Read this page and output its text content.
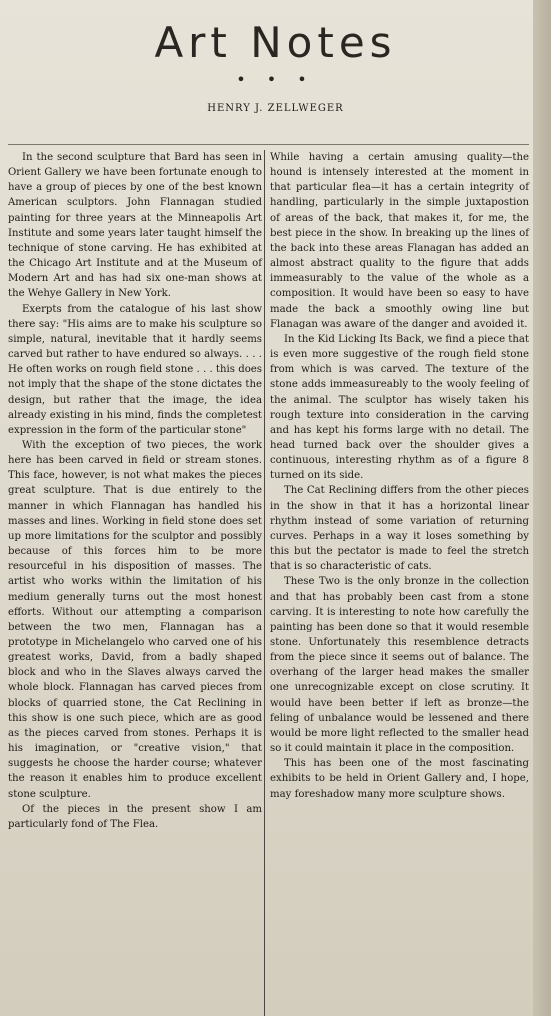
Art Notes
• • •
HENRY J. ZELLWEGER

In the second sculpture that Bard has seen in Orient Gallery we have been fortunate enough to have a group of pieces by one of the best known American sculptors. John Flannagan studied painting for three years at the Minneapolis Art Institute and some years later taught himself the technique of stone carving. He has exhibited at the Chicago Art Institute and at the Museum of Modern Art and has had six one-man shows at the Wehye Gallery in New York.

Exerpts from the catalogue of his last show there say: "His aims are to make his sculpture so simple, natural, inevitable that it hardly seems carved but rather to have endured so always. . . . He often works on rough field stone . . . this does not imply that the shape of the stone dictates the design, but rather that the image, the idea already existing in his mind, finds the completest expression in the form of the particular stone"

With the exception of two pieces, the work here has been carved in field or stream stones. This face, however, is not what makes the pieces great sculpture. That is due entirely to the manner in which Flannagan has handled his masses and lines. Working in field stone does set up more limitations for the sculptor and possibly because of this forces him to be more resourceful in his disposition of masses. The artist who works within the limitation of his medium generally turns out the most honest efforts. Without our attempting a comparison between the two men, Flannagan has a prototype in Michelangelo who carved one of his greatest works, David, from a badly shaped block and who in the Slaves always carved the whole block. Flannagan has carved pieces from blocks of quarried stone, the Cat Reclining in this show is one such piece, which are as good as the pieces carved from stones. Perhaps it is his imagination, or "creative vision," that suggests he choose the harder course; whatever the reason it enables him to produce excellent stone sculpture.

Of the pieces in the present show I am particularly fond of The Flea.

While having a certain amusing quality—the hound is intensely interested at the moment in that particular flea—it has a certain integrity of handling, particularly in the simple juxtapostion of areas of the back, that makes it, for me, the best piece in the show. In breaking up the lines of the back into these areas Flanagan has added an almost abstract quality to the figure that adds immeasurably to the value of the whole as a composition. It would have been so easy to have made the back a smoothly owing line but Flanagan was aware of the danger and avoided it.

In the Kid Licking Its Back, we find a piece that is even more suggestive of the rough field stone from which is was carved. The texture of the stone adds immeasureably to the wooly feeling of the animal. The sculptor has wisely taken his rough texture into consideration in the carving and has kept his forms large with no detail. The head turned back over the shoulder gives a continuous, interesting rhythm as of a figure 8 turned on its side.

The Cat Reclining differs from the other pieces in the show in that it has a horizontal linear rhythm instead of some variation of returning curves. Perhaps in a way it loses something by this but the pectator is made to feel the stretch that is so characteristic of cats.

These Two is the only bronze in the collection and that has probably been cast from a stone carving. It is interesting to note how carefully the painting has been done so that it would resemble stone. Unfortunately this resemblence detracts from the piece since it seems out of balance. The overhang of the larger head makes the smaller one unrecognizable except on close scrutiny. It would have been better if left as bronze—the feling of unbalance would be lessened and there would be more light reflected to the smaller head so it could maintain it place in the composition.

This has been one of the most fascinating exhibits to be held in Orient Gallery and, I hope, may foreshadow many more sculpture shows.
